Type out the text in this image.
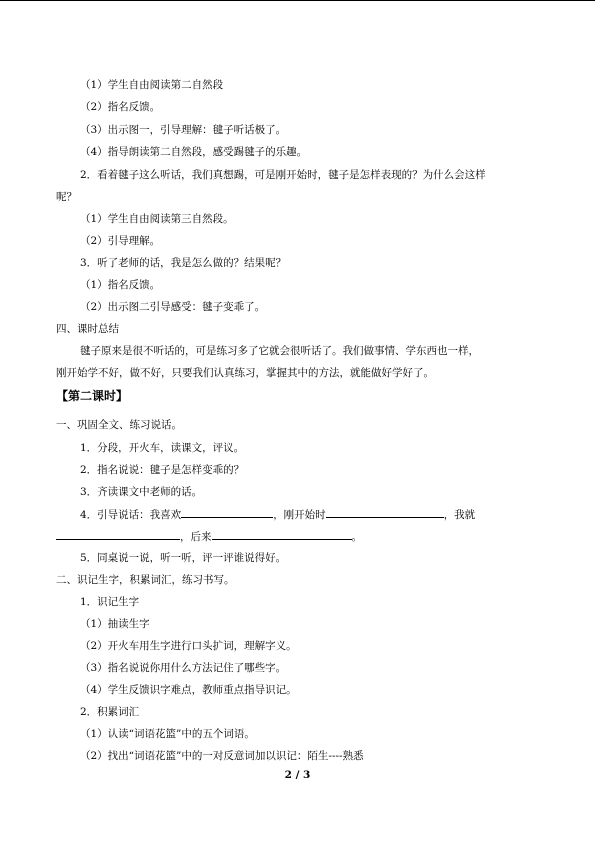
（1）学生自由阅读第二自然段
（2）指名反馈。
（3）出示图一，引导理解：毽子听话极了。
（4）指导朗读第二自然段，感受踢毽子的乐趣。
2．看着毽子这么听话，我们真想踢，可是刚开始时，毽子是怎样表现的？为什么会这样
呢？
（1）学生自由阅读第三自然段。
（2）引导理解。
3．听了老师的话，我是怎么做的？结果呢？
（1）指名反馈。
（2）出示图二引导感受：毽子变乖了。
四、课时总结
毽子原来是很不听话的，可是练习多了它就会很听话了。我们做事情、学东西也一样，
刚开始学不好，做不好，只要我们认真练习，掌握其中的方法，就能做好学好了。
【第二课时】
一、巩固全文、练习说话。
1．分段，开火车，读课文，评议。
2．指名说说：毽子是怎样变乖的？
3．齐读课文中老师的话。
4．引导说话：我喜欢	，刚开始时	，我就
，后来	。
5．同桌说一说，听一听，评一评谁说得好。
二、识记生字，积累词汇，练习书写。
1．识记生字
（1）抽读生字
（2）开火车用生字进行口头扩词，理解字义。
（3）指名说说你用什么方法记住了哪些字。
（4）学生反馈识字难点，教师重点指导识记。
2．积累词汇
（1）认读“词语花篮”中的五个词语。
（2）找出“词语花篮”中的一对反意词加以识记：陌生----熟悉
2 / 3
